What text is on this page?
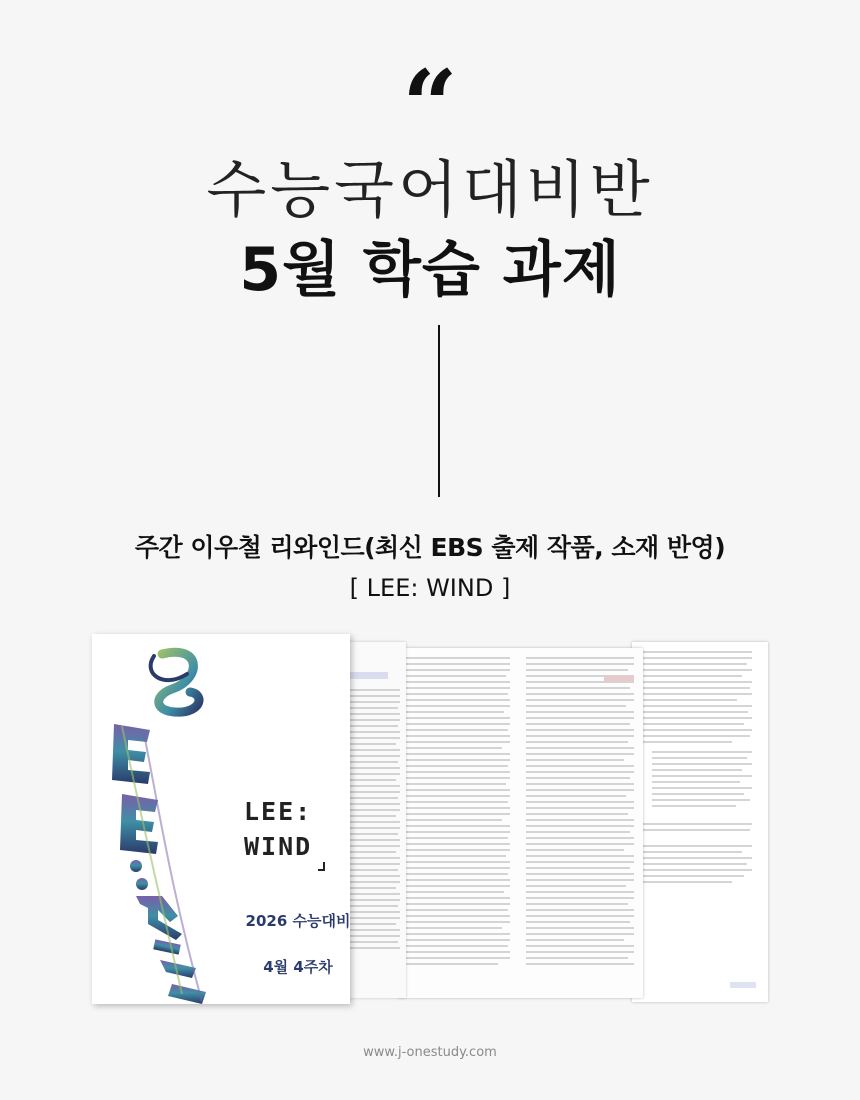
“
수능국어대비반
5월 학습 과제
주간 이우철 리와인드(최신 EBS 출제 작품, 소재 반영)
[ LEE: WIND ]
LEE:
WIND
2026 수능대비
4월 4주차
www.j-onestudy.com
